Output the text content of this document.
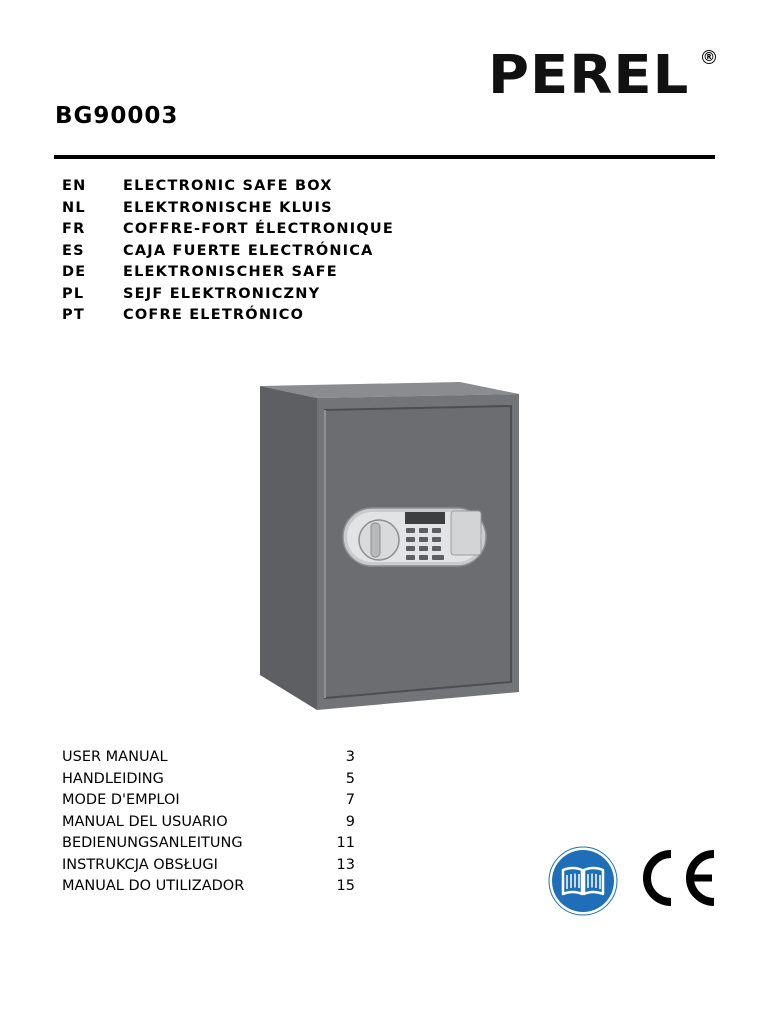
PEREL	®
BG90003
EN	ELECTRONIC SAFE BOX
NL	ELEKTRONISCHE KLUIS
FR	COFFRE-FORT ÉLECTRONIQUE
ES	CAJA FUERTE ELECTRÓNICA
DE	ELEKTRONISCHER SAFE
PL	SEJF ELEKTRONICZNY
PT	COFRE ELETRÓNICO
USER MANUAL	3
HANDLEIDING	5
MODE D'EMPLOI	7
MANUAL DEL USUARIO	9
BEDIENUNGSANLEITUNG	11
INSTRUKCJA OBSŁUGI	13
MANUAL DO UTILIZADOR	15
